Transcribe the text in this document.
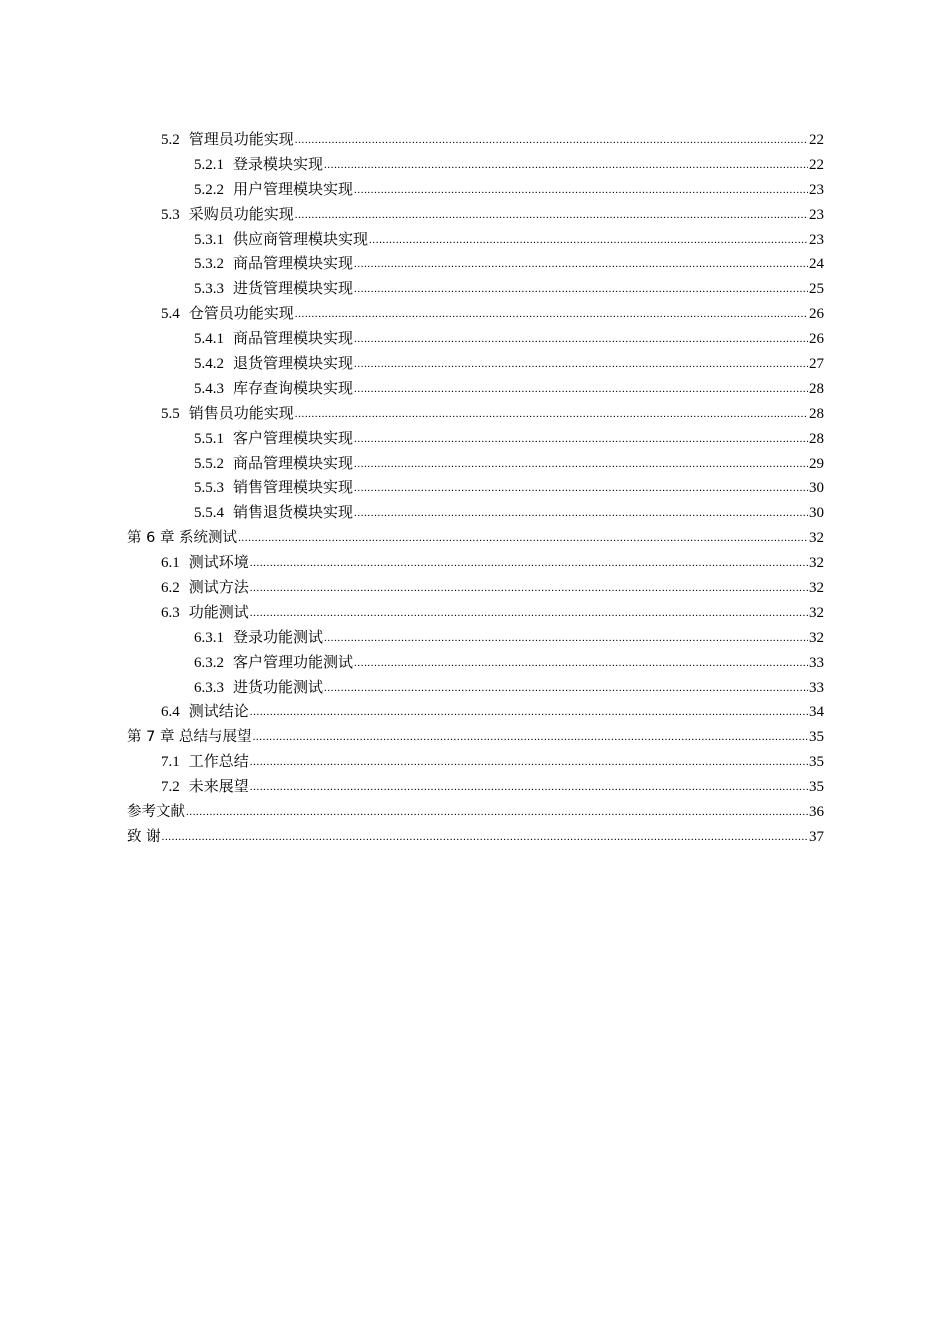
5.2 管理员功能实现 .....	22
5.2.1 登录模块实现 .....	22
5.2.2 用户管理模块实现 .....	23
5.3 采购员功能实现 .....	23
5.3.1 供应商管理模块实现 .....	23
5.3.2 商品管理模块实现 .....	24
5.3.3 进货管理模块实现 .....	25
5.4 仓管员功能实现 .....	26
5.4.1 商品管理模块实现 .....	26
5.4.2 退货管理模块实现 .....	27
5.4.3 库存查询模块实现 .....	28
5.5 销售员功能实现 .....	28
5.5.1 客户管理模块实现 .....	28
5.5.2 商品管理模块实现 .....	29
5.5.3 销售管理模块实现 .....	30
5.5.4 销售退货模块实现 .....	30
第 6 章 系统测试 .....	32
6.1 测试环境 .....	32
6.2 测试方法 .....	32
6.3 功能测试 .....	32
6.3.1 登录功能测试 .....	32
6.3.2 客户管理功能测试 .....	33
6.3.3 进货功能测试 .....	33
6.4 测试结论 .....	34
第 7 章 总结与展望 .....	35
7.1 工作总结 .....	35
7.2 未来展望 .....	35
参考文献 .....	36
致 谢 .....	37
